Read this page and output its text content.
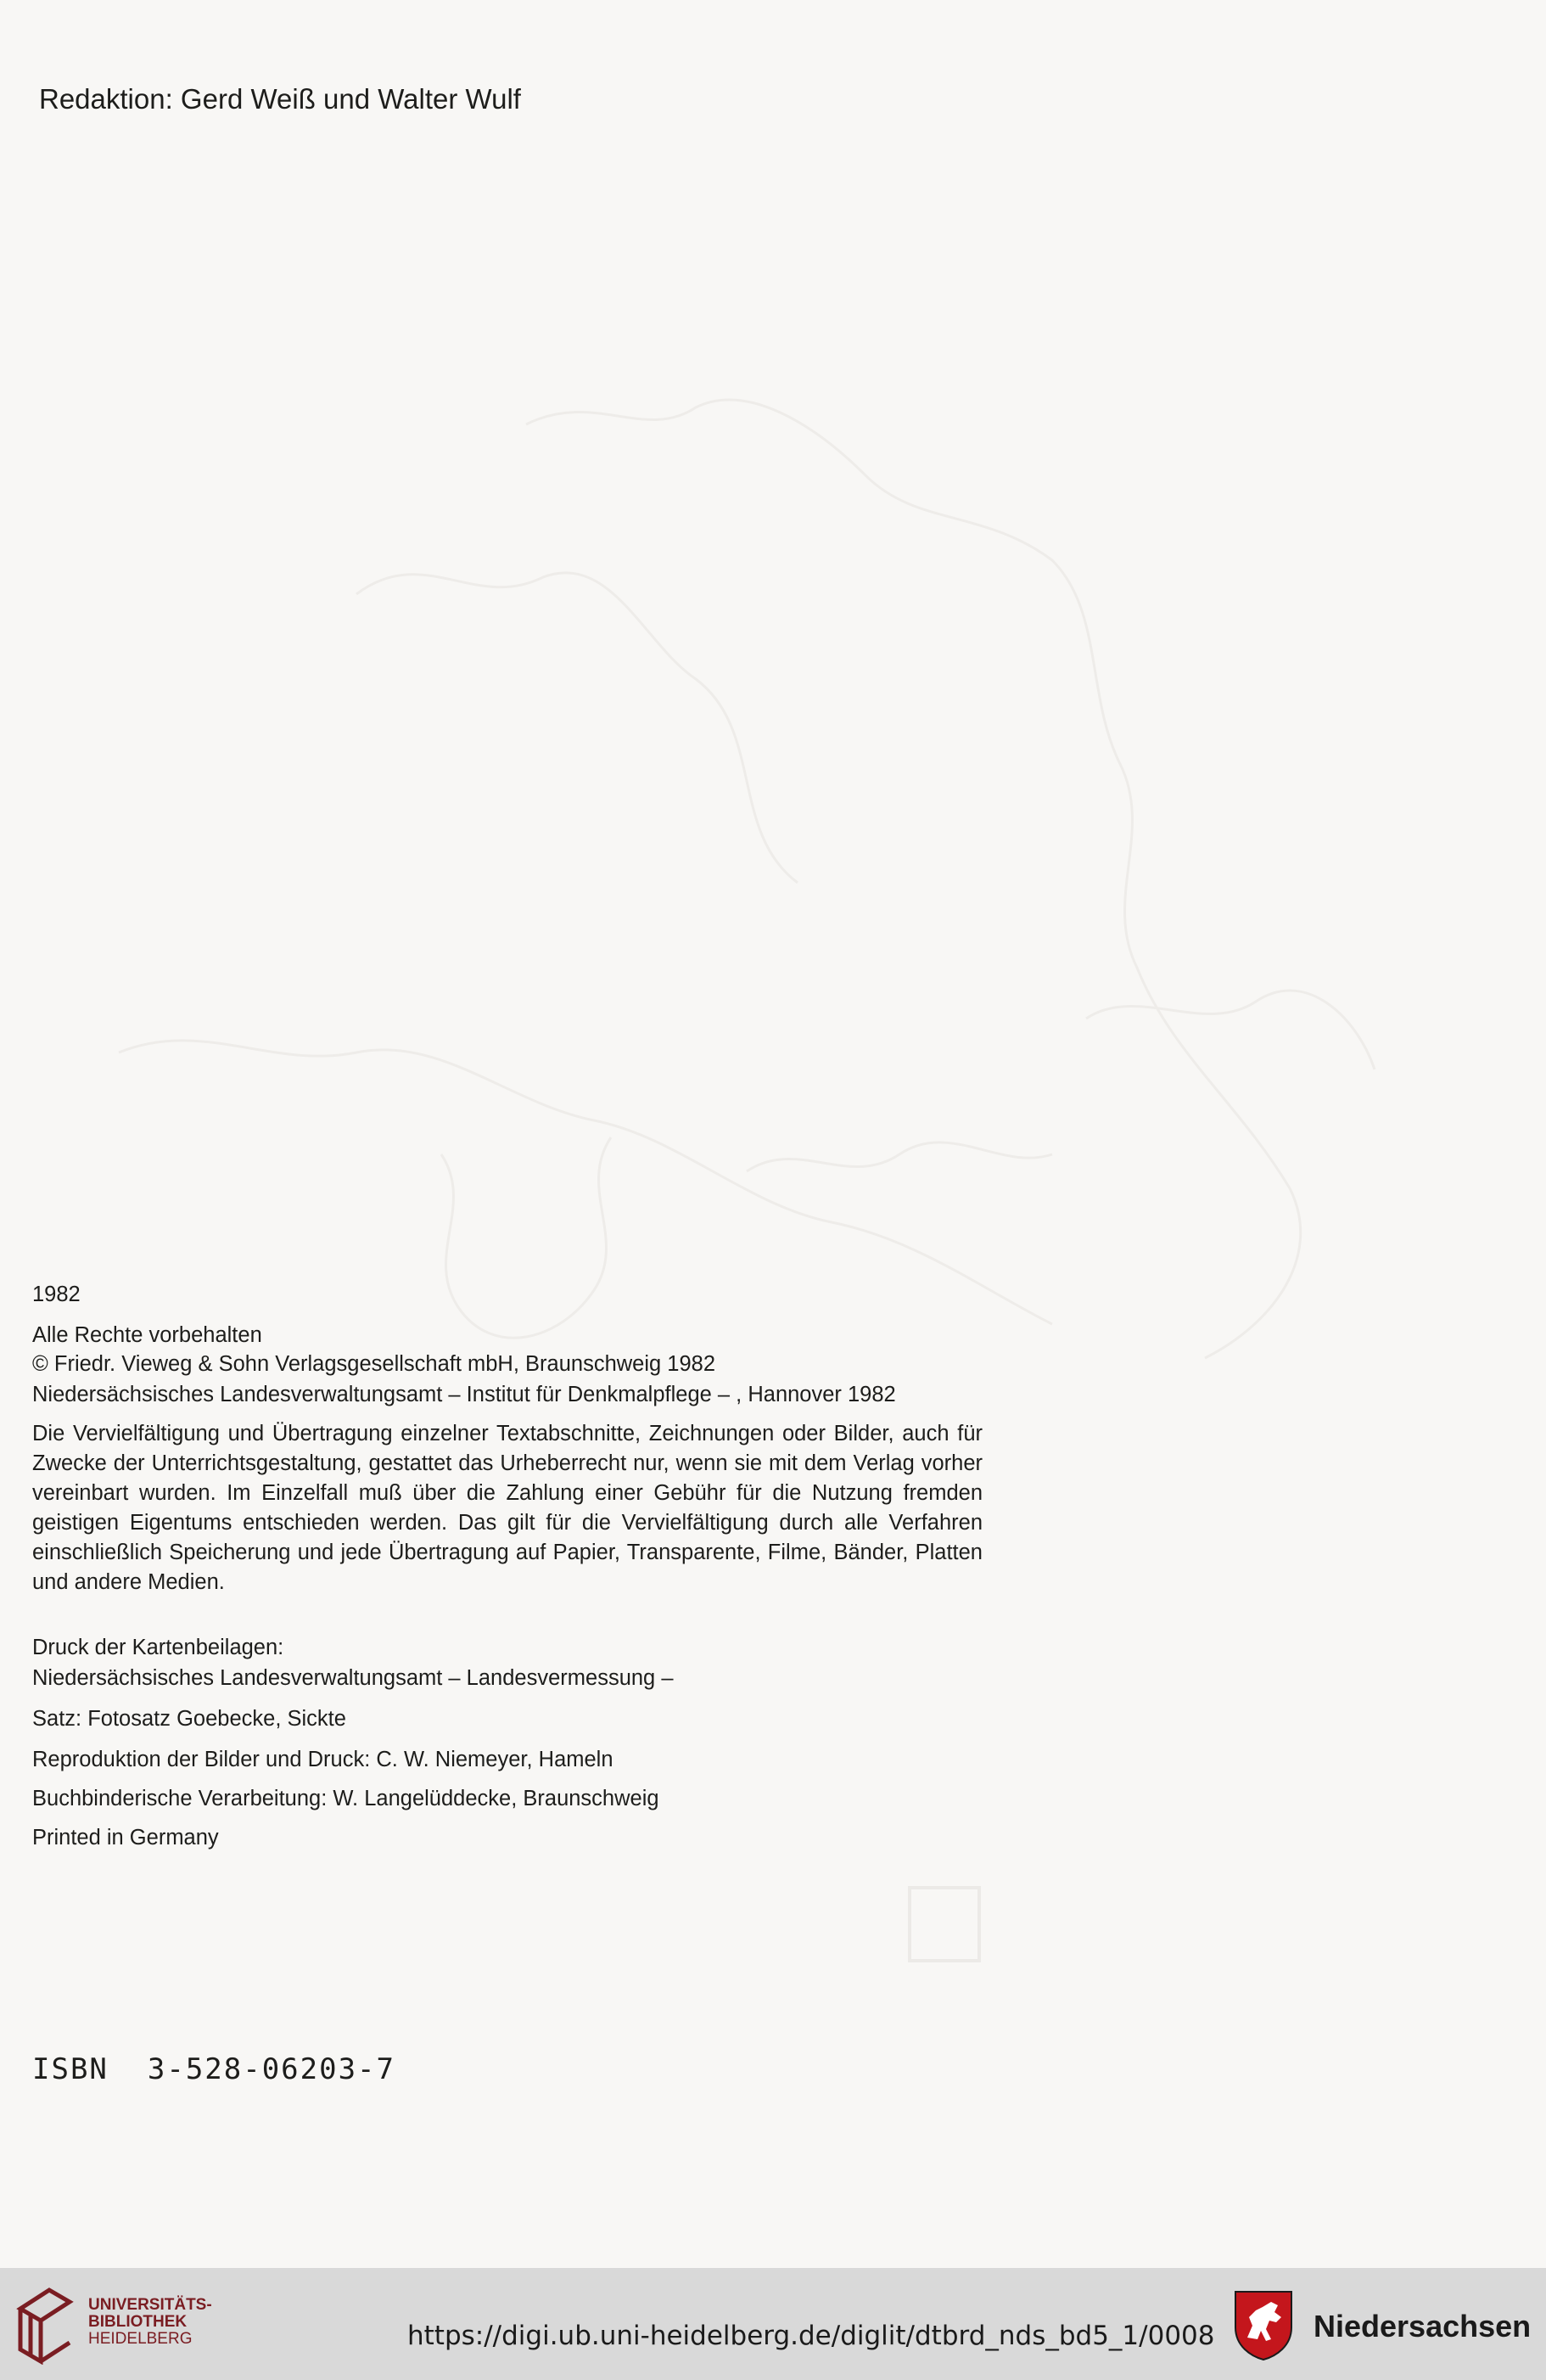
Redaktion: Gerd Weiß und Walter Wulf

1982

Alle Rechte vorbehalten

© Friedr. Vieweg & Sohn Verlagsgesellschaft mbH, Braunschweig 1982

Niedersächsisches Landesverwaltungsamt – Institut für Denkmalpflege – , Hannover 1982

Die Vervielfältigung und Übertragung einzelner Textabschnitte, Zeichnungen oder Bilder, auch für Zwecke der Unterrichtsgestaltung, gestattet das Urheberrecht nur, wenn sie mit dem Verlag vorher vereinbart wurden. Im Einzelfall muß über die Zahlung einer Gebühr für die Nutzung fremden geistigen Eigentums entschieden werden. Das gilt für die Vervielfältigung durch alle Verfahren einschließlich Speicherung und jede Übertragung auf Papier, Transparente, Filme, Bänder, Platten und andere Medien.

Druck der Kartenbeilagen:

Niedersächsisches Landesverwaltungsamt – Landesvermessung –

Satz: Fotosatz Goebecke, Sickte

Reproduktion der Bilder und Druck: C. W. Niemeyer, Hameln

Buchbinderische Verarbeitung: W. Langelüddecke, Braunschweig

Printed in Germany

ISBN 3-528-06203-7

UNIVERSITÄTS-
BIBLIOTHEK
HEIDELBERG	https://digi.ub.uni-heidelberg.de/diglit/dtbrd_nds_bd5_1/0008	Niedersachsen
